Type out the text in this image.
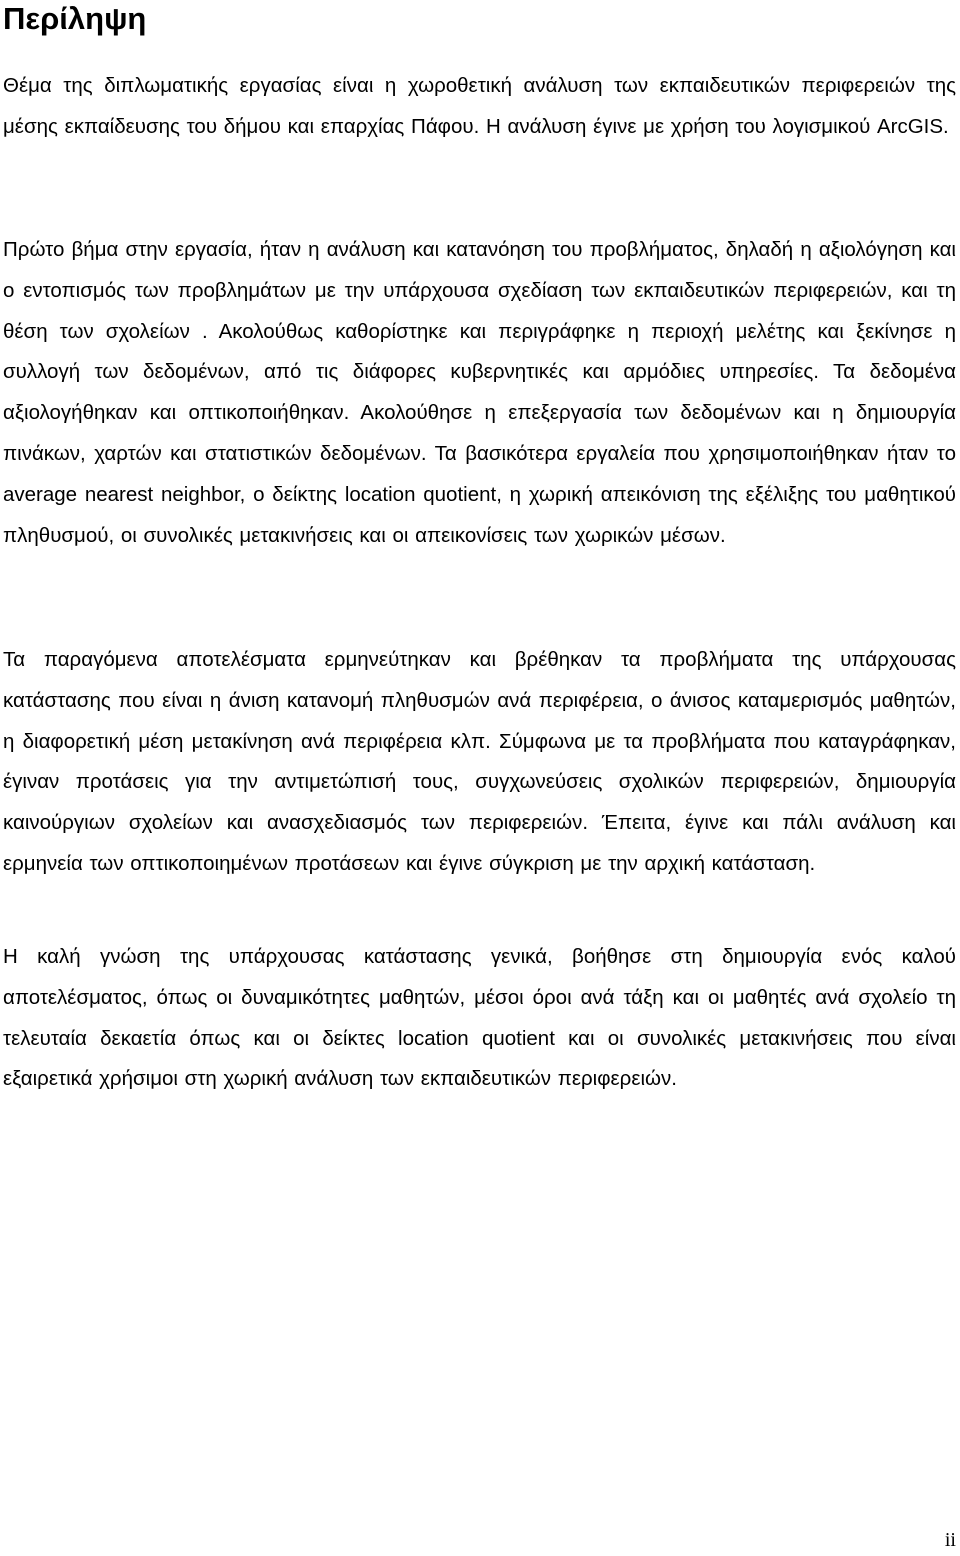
Περίληψη

Θέμα της διπλωματικής εργασίας είναι η χωροθετική ανάλυση των εκπαιδευτικών περιφερειών της μέσης εκπαίδευσης του δήμου και επαρχίας Πάφου. Η ανάλυση έγινε με χρήση του λογισμικού ArcGIS.

Πρώτο βήμα στην εργασία, ήταν η ανάλυση και κατανόηση του προβλήματος, δηλαδή η αξιολόγηση και ο εντοπισμός των προβλημάτων με την υπάρχουσα σχεδίαση των εκπαιδευτικών περιφερειών, και τη θέση των σχολείων . Ακολούθως καθορίστηκε και περιγράφηκε η περιοχή μελέτης και ξεκίνησε η συλλογή των δεδομένων, από τις διάφορες κυβερνητικές και αρμόδιες υπηρεσίες. Τα δεδομένα αξιολογήθηκαν και οπτικοποιήθηκαν. Ακολούθησε η επεξεργασία των δεδομένων και η δημιουργία πινάκων, χαρτών και στατιστικών δεδομένων. Τα βασικότερα εργαλεία που χρησιμοποιήθηκαν ήταν το average nearest neighbor, ο δείκτης location quotient, η χωρική απεικόνιση της εξέλιξης του μαθητικού πληθυσμού, οι συνολικές μετακινήσεις και οι απεικονίσεις των χωρικών μέσων.

Τα παραγόμενα αποτελέσματα ερμηνεύτηκαν και βρέθηκαν τα προβλήματα της υπάρχουσας κατάστασης που είναι η άνιση κατανομή πληθυσμών ανά περιφέρεια, ο άνισος καταμερισμός μαθητών, η διαφορετική μέση μετακίνηση ανά περιφέρεια κλπ. Σύμφωνα με τα προβλήματα που καταγράφηκαν, έγιναν προτάσεις για την αντιμετώπισή τους, συγχωνεύσεις σχολικών περιφερειών, δημιουργία καινούργιων σχολείων και ανασχεδιασμός των περιφερειών. Έπειτα, έγινε και πάλι ανάλυση και ερμηνεία των οπτικοποιημένων προτάσεων και έγινε σύγκριση με την αρχική κατάσταση.

Η καλή γνώση της υπάρχουσας κατάστασης γενικά, βοήθησε στη δημιουργία ενός καλού αποτελέσματος, όπως οι δυναμικότητες μαθητών, μέσοι όροι ανά τάξη και οι μαθητές ανά σχολείο τη τελευταία δεκαετία όπως και οι δείκτες location quotient και οι συνολικές μετακινήσεις που είναι εξαιρετικά χρήσιμοι στη χωρική ανάλυση των εκπαιδευτικών περιφερειών.

ii
